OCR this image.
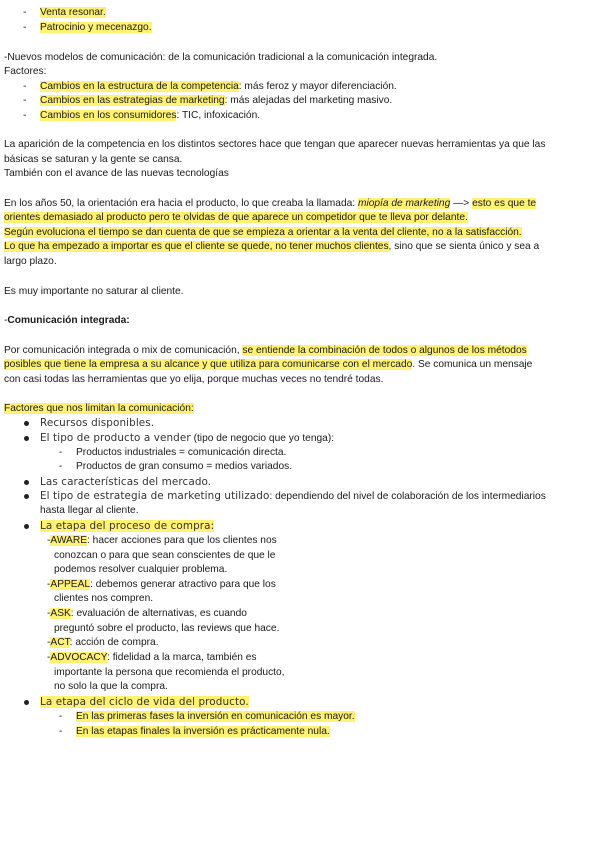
- Venta resonar.
- Patrocinio y mecenazgo.
-Nuevos modelos de comunicación: de la comunicación tradicional a la comunicación integrada.
Factores:
- Cambios en la estructura de la competencia: más feroz y mayor diferenciación.
- Cambios en las estrategias de marketing: más alejadas del marketing masivo.
- Cambios en los consumidores: TIC, infoxicación.
La aparición de la competencia en los distintos sectores hace que tengan que aparecer nuevas herramientas ya que las
básicas se saturan y la gente se cansa.
También con el avance de las nuevas tecnologías
En los años 50, la orientación era hacia el producto, lo que creaba la llamada: miopía de marketing —> esto es que te
orientes demasiado al producto pero te olvidas de que aparece un competidor que te lleva por delante.
Según evoluciona el tiempo se dan cuenta de que se empieza a orientar a la venta del cliente, no a la satisfacción.
Lo que ha empezado a importar es que el cliente se quede, no tener muchos clientes, sino que se sienta único y sea a
largo plazo.
Es muy importante no saturar al cliente.
-Comunicación integrada:
Por comunicación integrada o mix de comunicación, se entiende la combinación de todos o algunos de los métodos
posibles que tiene la empresa a su alcance y que utiliza para comunicarse con el mercado. Se comunica un mensaje
con casi todas las herramientas que yo elija, porque muchas veces no tendré todas.
Factores que nos limitan la comunicación:
Recursos disponibles.
El tipo de producto a vender (tipo de negocio que yo tenga):
- Productos industriales = comunicación directa.
- Productos de gran consumo = medios variados.
Las características del mercado.
El tipo de estrategia de marketing utilizado: dependiendo del nivel de colaboración de los intermediarios
hasta llegar al cliente.
La etapa del proceso de compra:
-AWARE: hacer acciones para que los clientes nos
conozcan o para que sean conscientes de que le
podemos resolver cualquier problema.
-APPEAL: debemos generar atractivo para que los
clientes nos compren.
-ASK: evaluación de alternativas, es cuando
preguntó sobre el producto, las reviews que hace.
-ACT: acción de compra.
-ADVOCACY: fidelidad a la marca, también es
importante la persona que recomienda el producto,
no solo la que la compra.
La etapa del ciclo de vida del producto.
- En las primeras fases la inversión en comunicación es mayor.
- En las etapas finales la inversión es prácticamente nula.
